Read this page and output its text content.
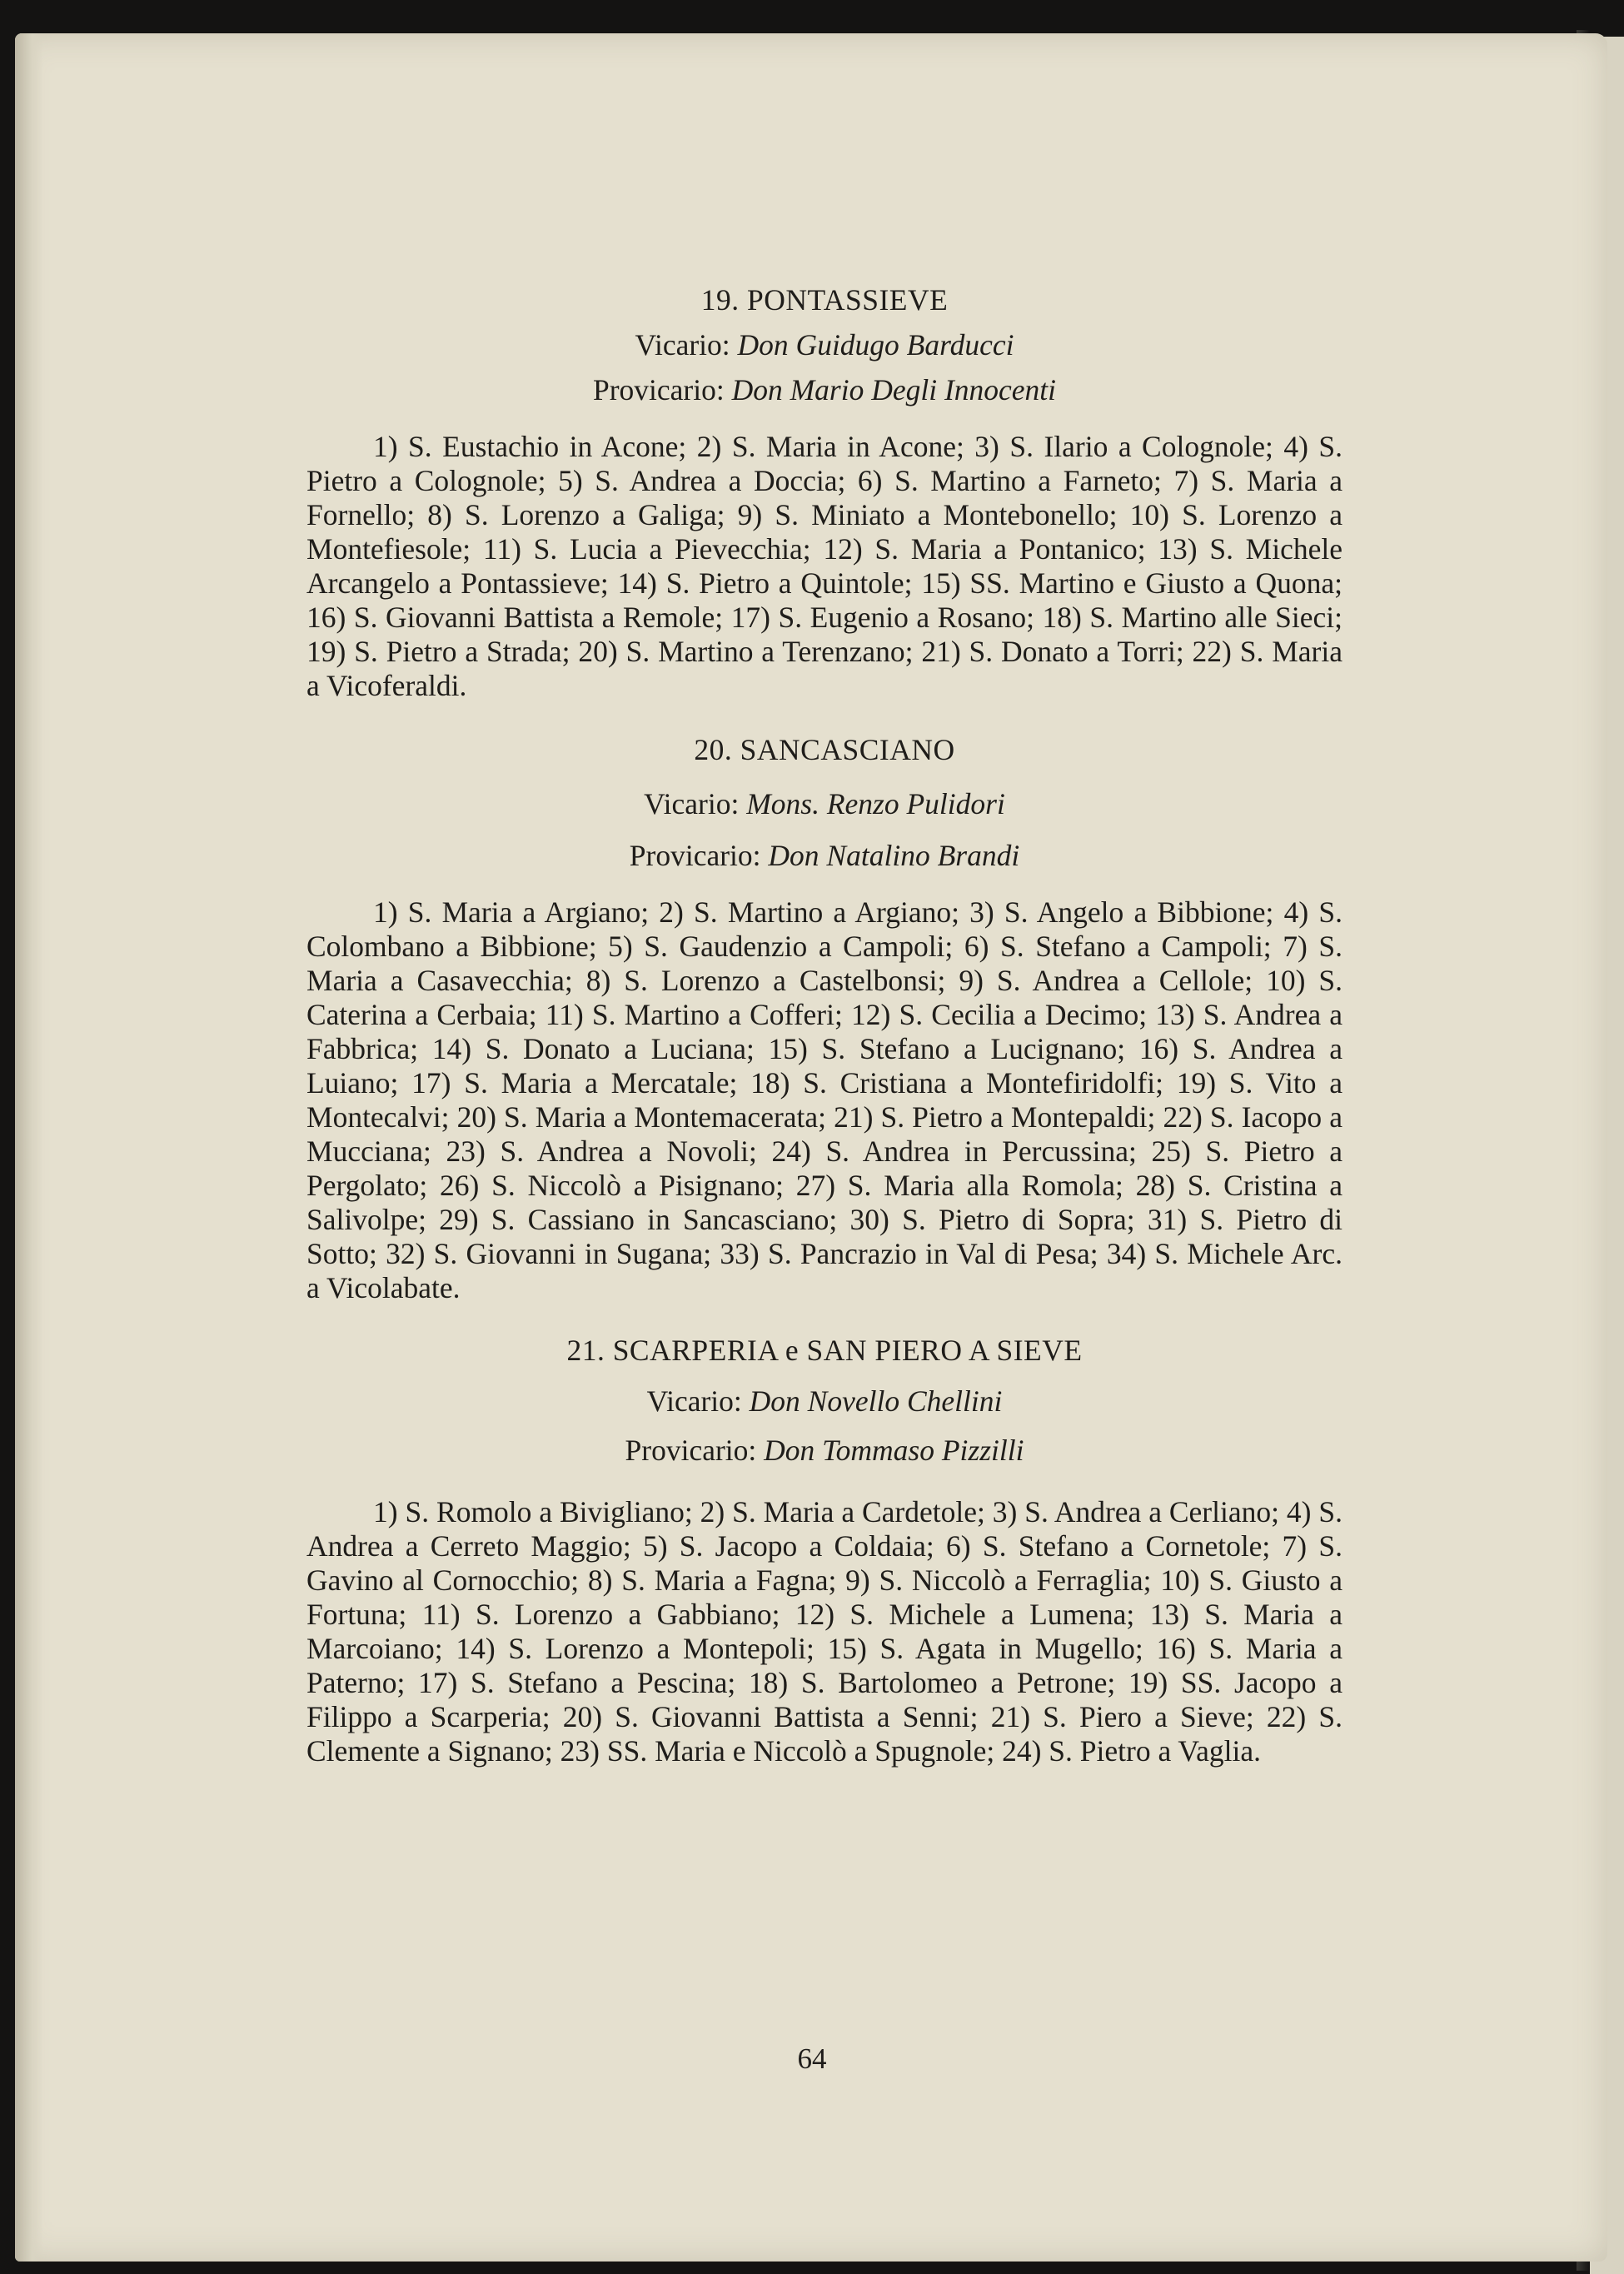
19. PONTASSIEVE

Vicario: Don Guidugo Barducci

Provicario: Don Mario Degli Innocenti

1) S. Eustachio in Acone; 2) S. Maria in Acone; 3) S. Ilario a Colognole; 4) S. Pietro a Colognole; 5) S. Andrea a Doccia; 6) S. Martino a Farneto; 7) S. Maria a Fornello; 8) S. Lorenzo a Galiga; 9) S. Miniato a Montebonello; 10) S. Lorenzo a Montefiesole; 11) S. Lucia a Pievecchia; 12) S. Maria a Pontanico; 13) S. Michele Arcangelo a Pontassieve; 14) S. Pietro a Quintole; 15) SS. Martino e Giusto a Quona; 16) S. Giovanni Battista a Remole; 17) S. Eugenio a Rosano; 18) S. Martino alle Sieci; 19) S. Pietro a Strada; 20) S. Martino a Terenzano; 21) S. Donato a Torri; 22) S. Maria a Vicoferaldi.

20. SANCASCIANO

Vicario: Mons. Renzo Pulidori

Provicario: Don Natalino Brandi

1) S. Maria a Argiano; 2) S. Martino a Argiano; 3) S. Angelo a Bibbione; 4) S. Colombano a Bibbione; 5) S. Gaudenzio a Campoli; 6) S. Stefano a Campoli; 7) S. Maria a Casavecchia; 8) S. Lorenzo a Castelbonsi; 9) S. Andrea a Cellole; 10) S. Caterina a Cerbaia; 11) S. Martino a Cofferi; 12) S. Cecilia a Decimo; 13) S. Andrea a Fabbrica; 14) S. Donato a Luciana; 15) S. Stefano a Lucignano; 16) S. Andrea a Luiano; 17) S. Maria a Mercatale; 18) S. Cristiana a Montefiridolfi; 19) S. Vito a Montecalvi; 20) S. Maria a Montemacerata; 21) S. Pietro a Montepaldi; 22) S. Iacopo a Mucciana; 23) S. Andrea a Novoli; 24) S. Andrea in Percussina; 25) S. Pietro a Pergolato; 26) S. Niccolò a Pisignano; 27) S. Maria alla Romola; 28) S. Cristina a Salivolpe; 29) S. Cassiano in Sancasciano; 30) S. Pietro di Sopra; 31) S. Pietro di Sotto; 32) S. Giovanni in Sugana; 33) S. Pancrazio in Val di Pesa; 34) S. Michele Arc. a Vicolabate.

21. SCARPERIA e SAN PIERO A SIEVE

Vicario: Don Novello Chellini

Provicario: Don Tommaso Pizzilli

1) S. Romolo a Bivigliano; 2) S. Maria a Cardetole; 3) S. Andrea a Cerliano; 4) S. Andrea a Cerreto Maggio; 5) S. Jacopo a Coldaia; 6) S. Stefano a Cornetole; 7) S. Gavino al Cornocchio; 8) S. Maria a Fagna; 9) S. Niccolò a Ferraglia; 10) S. Giusto a Fortuna; 11) S. Lorenzo a Gabbiano; 12) S. Michele a Lumena; 13) S. Maria a Marcoiano; 14) S. Lorenzo a Montepoli; 15) S. Agata in Mugello; 16) S. Maria a Paterno; 17) S. Stefano a Pescina; 18) S. Bartolomeo a Petrone; 19) SS. Jacopo a Filippo a Scarperia; 20) S. Giovanni Battista a Senni; 21) S. Piero a Sieve; 22) S. Clemente a Signano; 23) SS. Maria e Niccolò a Spugnole; 24) S. Pietro a Vaglia.

64
